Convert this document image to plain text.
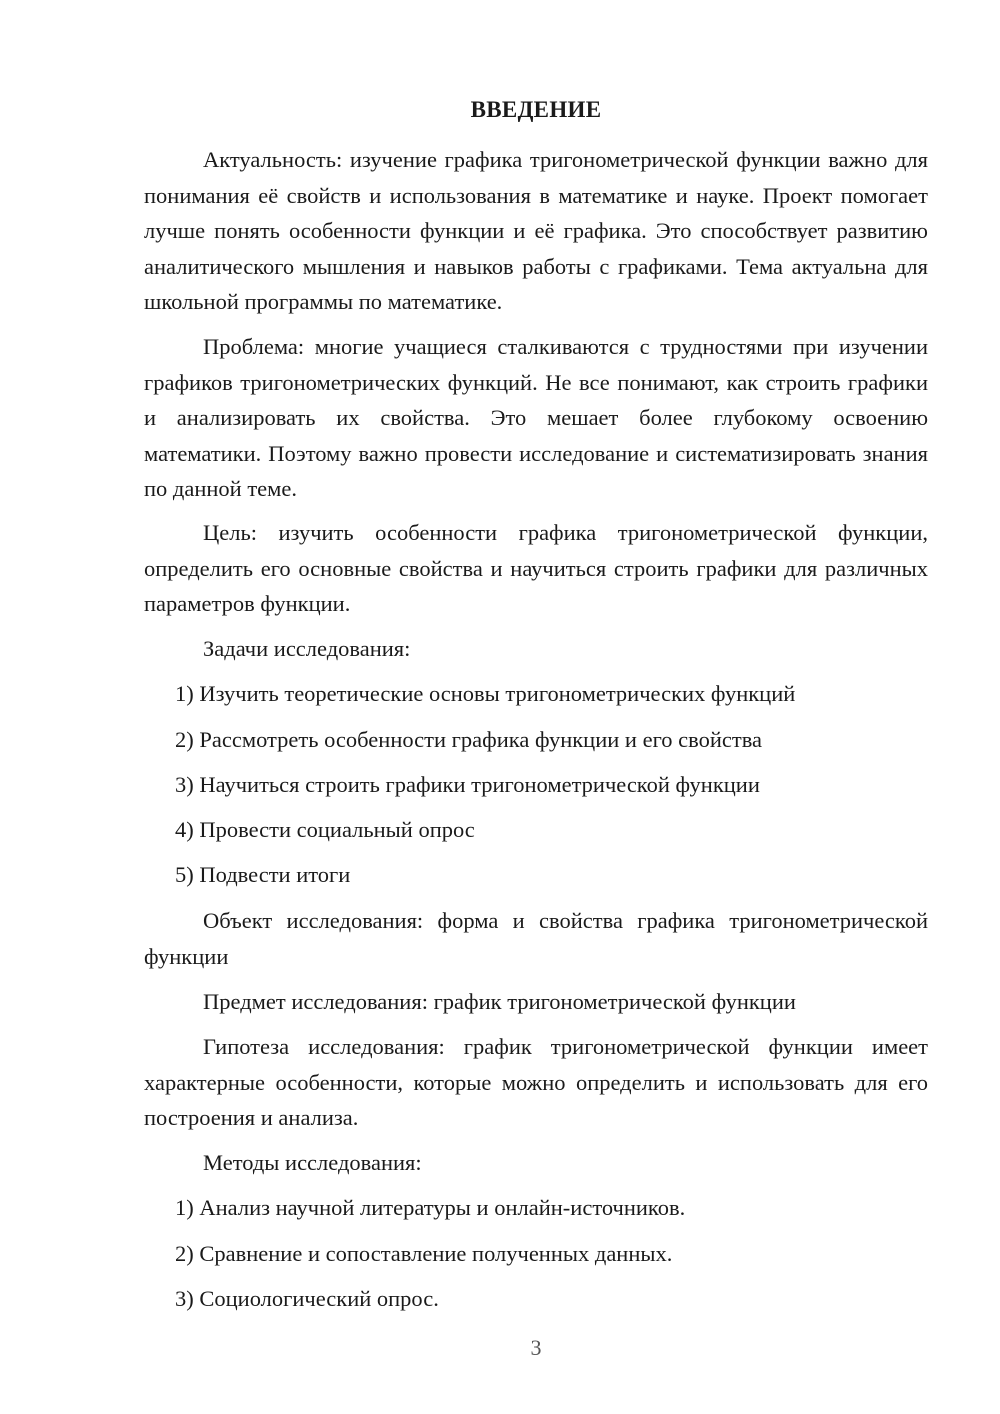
ВВЕДЕНИЕ
Актуальность: изучение графика тригонометрической функции важно для понимания её свойств и использования в математике и науке. Проект помогает лучше понять особенности функции и её графика. Это способствует развитию аналитического мышления и навыков работы с графиками. Тема актуальна для школьной программы по математике.
Проблема: многие учащиеся сталкиваются с трудностями при изучении графиков тригонометрических функций. Не все понимают, как строить графики и анализировать их свойства. Это мешает более глубокому освоению математики. Поэтому важно провести исследование и систематизировать знания по данной теме.
Цель: изучить особенности графика тригонометрической функции, определить его основные свойства и научиться строить графики для различных параметров функции.
Задачи исследования:
1) Изучить теоретические основы тригонометрических функций
2) Рассмотреть особенности графика функции и его свойства
3) Научиться строить графики тригонометрической функции
4) Провести социальный опрос
5) Подвести итоги
Объект исследования: форма и свойства графика тригонометрической функции
Предмет исследования: график тригонометрической функции
Гипотеза исследования: график тригонометрической функции имеет характерные особенности, которые можно определить и использовать для его построения и анализа.
Методы исследования:
1) Анализ научной литературы и онлайн-источников.
2) Сравнение и сопоставление полученных данных.
3) Социологический опрос.
3
